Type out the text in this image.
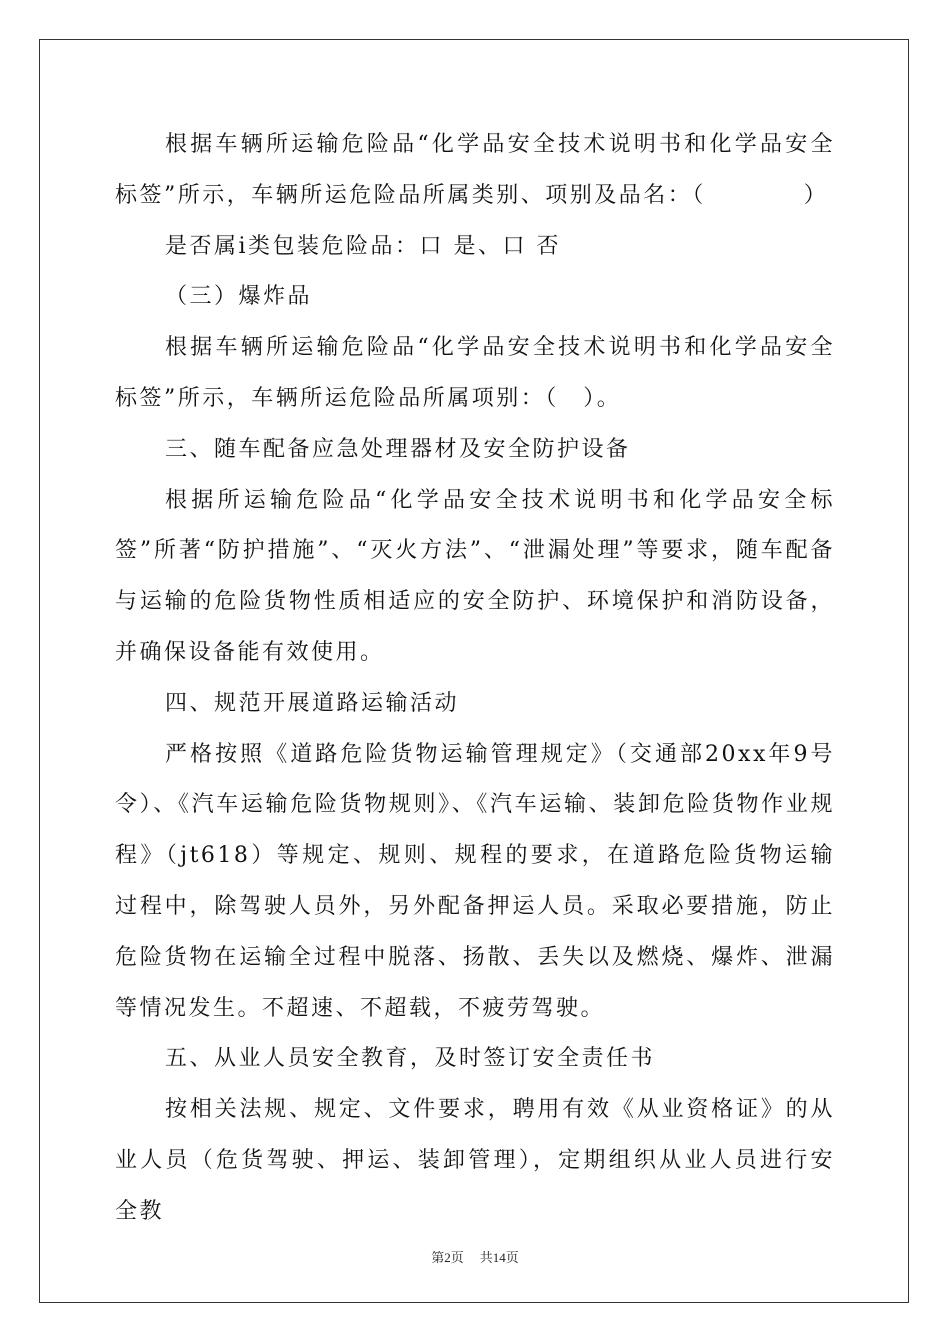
根据车辆所运输危险品“化学品安全技术说明书和化学品安全标签”所示，车辆所运危险品所属类别、项别及品名：（　　　　）

是否属ⅰ类包装危险品：口 是、口 否

（三）爆炸品

根据车辆所运输危险品“化学品安全技术说明书和化学品安全标签”所示，车辆所运危险品所属项别：（　）。

三、随车配备应急处理器材及安全防护设备

根据所运输危险品“化学品安全技术说明书和化学品安全标签”所著“防护措施”、“灭火方法”、“泄漏处理”等要求，随车配备与运输的危险货物性质相适应的安全防护、环境保护和消防设备，并确保设备能有效使用。

四、规范开展道路运输活动

严格按照《道路危险货物运输管理规定》（交通部20xx年9号令）、《汽车运输危险货物规则》、《汽车运输、装卸危险货物作业规程》（jt618）等规定、规则、规程的要求，在道路危险货物运输过程中，除驾驶人员外，另外配备押运人员。采取必要措施，防止危险货物在运输全过程中脱落、扬散、丢失以及燃烧、爆炸、泄漏等情况发生。不超速、不超载，不疲劳驾驶。

五、从业人员安全教育，及时签订安全责任书

按相关法规、规定、文件要求，聘用有效《从业资格证》的从业人员（危货驾驶、押运、装卸管理），定期组织从业人员进行安全教

第2页 共14页
